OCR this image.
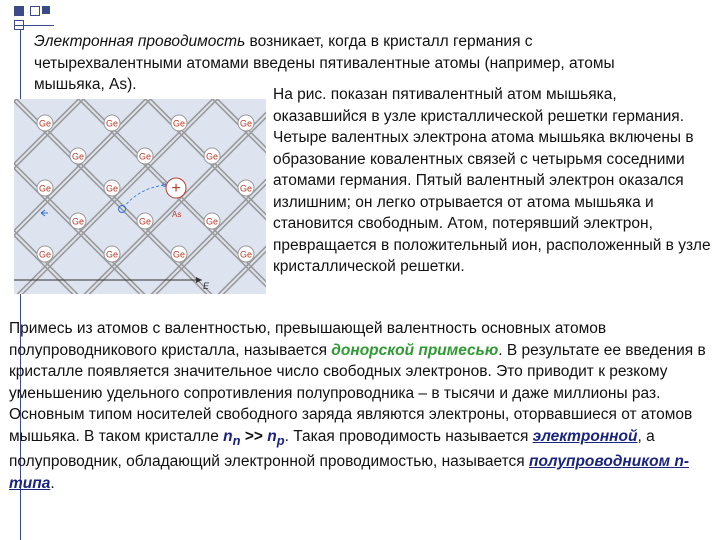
Электронная проводимость возникает, когда в кристалл германия с четырехвалентными атомами введены пятивалентные атомы (например, атомы мышьяка, As).
Ge	Ge	Ge	Ge
Ge	Ge	Ge
Ge	Ge	Ge	Ge
Ge	Ge	Ge
Ge	Ge	Ge
+
As
e
E
На рис. показан пятивалентный атом мышьяка, оказавшийся в узле кристаллической решетки германия. Четыре валентных электрона атома мышьяка включены в образование ковалентных связей с четырьмя соседними атомами германия. Пятый валентный электрон оказался излишним; он легко отрывается от атома мышьяка и становится свободным. Атом, потерявший электрон, превращается в положительный ион, расположенный в узле кристаллической решетки.
Примесь из атомов с валентностью, превышающей валентность основных атомов полупроводникового кристалла, называется донорской примесью. В результате ее введения в кристалле появляется значительное число свободных электронов. Это приводит к резкому уменьшению удельного сопротивления полупроводника – в тысячи и даже миллионы раз.
Основным типом носителей свободного заряда являются электроны, оторвавшиеся от атомов мышьяка. В таком кристалле $n_n >> n_p$. Такая проводимость называется электронной, а полупроводник, обладающий электронной проводимостью, называется полупроводником n-типа.
